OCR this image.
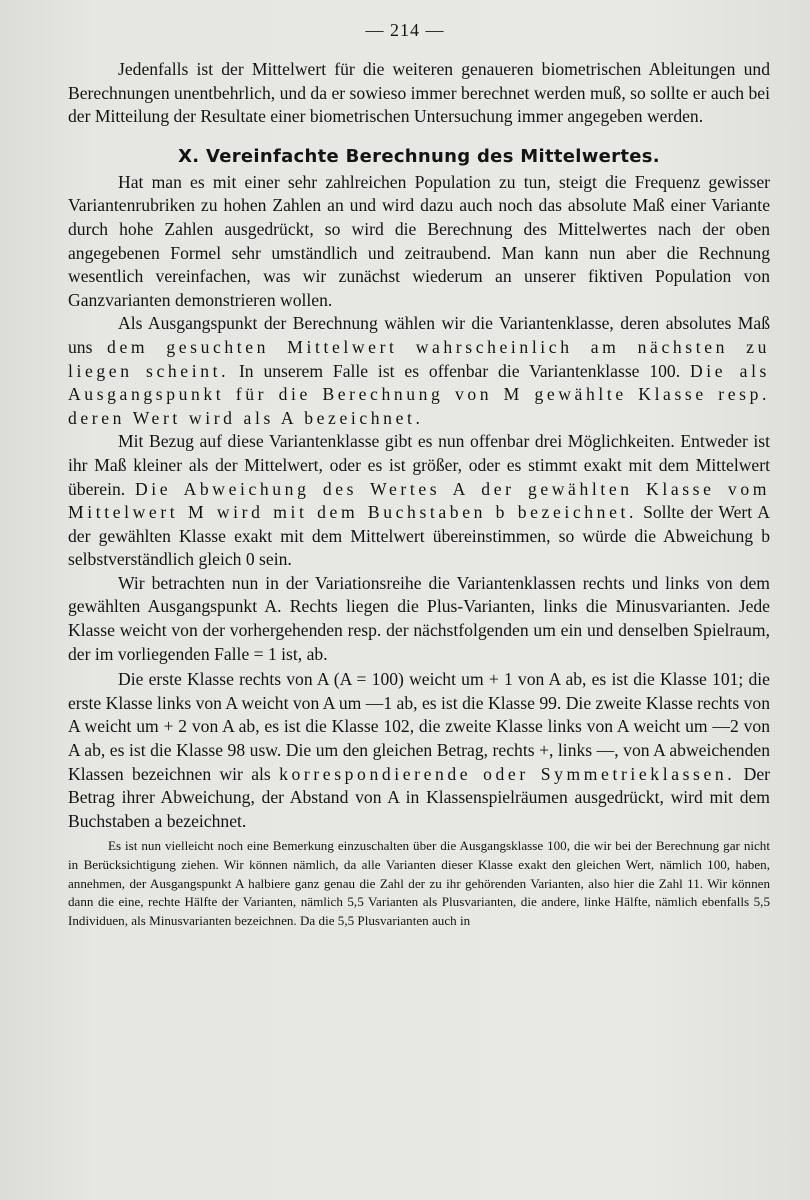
— 214 —

Jedenfalls ist der Mittelwert für die weiteren genaueren biometrischen Ableitungen und Berechnungen unentbehrlich, und da er sowieso immer berechnet werden muß, so sollte er auch bei der Mitteilung der Resultate einer biometrischen Untersuchung immer angegeben werden.

X. Vereinfachte Berechnung des Mittelwertes.

Hat man es mit einer sehr zahlreichen Population zu tun, steigt die Frequenz gewisser Variantenrubriken zu hohen Zahlen an und wird dazu auch noch das absolute Maß einer Variante durch hohe Zahlen ausgedrückt, so wird die Berechnung des Mittelwertes nach der oben angegebenen Formel sehr umständlich und zeitraubend. Man kann nun aber die Rechnung wesentlich vereinfachen, was wir zunächst wiederum an unserer fiktiven Population von Ganzvarianten demonstrieren wollen.

Als Ausgangspunkt der Berechnung wählen wir die Variantenklasse, deren absolutes Maß uns dem gesuchten Mittelwert wahrscheinlich am nächsten zu liegen scheint. In unserem Falle ist es offenbar die Variantenklasse 100. Die als Ausgangspunkt für die Berechnung von M gewählte Klasse resp. deren Wert wird als A bezeichnet.

Mit Bezug auf diese Variantenklasse gibt es nun offenbar drei Möglichkeiten. Entweder ist ihr Maß kleiner als der Mittelwert, oder es ist größer, oder es stimmt exakt mit dem Mittelwert überein. Die Abweichung des Wertes A der gewählten Klasse vom Mittelwert M wird mit dem Buchstaben b bezeichnet. Sollte der Wert A der gewählten Klasse exakt mit dem Mittelwert übereinstimmen, so würde die Abweichung b selbstverständlich gleich 0 sein.

Wir betrachten nun in der Variationsreihe die Variantenklassen rechts und links von dem gewählten Ausgangspunkt A. Rechts liegen die Plus-Varianten, links die Minusvarianten. Jede Klasse weicht von der vorhergehenden resp. der nächstfolgenden um ein und denselben Spielraum, der im vorliegenden Falle = 1 ist, ab.

Die erste Klasse rechts von A (A = 100) weicht um + 1 von A ab, es ist die Klasse 101; die erste Klasse links von A weicht von A um —1 ab, es ist die Klasse 99. Die zweite Klasse rechts von A weicht um + 2 von A ab, es ist die Klasse 102, die zweite Klasse links von A weicht um —2 von A ab, es ist die Klasse 98 usw. Die um den gleichen Betrag, rechts +, links —, von A abweichenden Klassen bezeichnen wir als korrespondierende oder Symmetrieklassen. Der Betrag ihrer Abweichung, der Abstand von A in Klassenspielräumen ausgedrückt, wird mit dem Buchstaben a bezeichnet.

Es ist nun vielleicht noch eine Bemerkung einzuschalten über die Ausgangsklasse 100, die wir bei der Berechnung gar nicht in Berücksichtigung ziehen. Wir können nämlich, da alle Varianten dieser Klasse exakt den gleichen Wert, nämlich 100, haben, annehmen, der Ausgangspunkt A halbiere ganz genau die Zahl der zu ihr gehörenden Varianten, also hier die Zahl 11. Wir können dann die eine, rechte Hälfte der Varianten, nämlich 5,5 Varianten als Plusvarianten, die andere, linke Hälfte, nämlich ebenfalls 5,5 Individuen, als Minusvarianten bezeichnen. Da die 5,5 Plusvarianten auch in
